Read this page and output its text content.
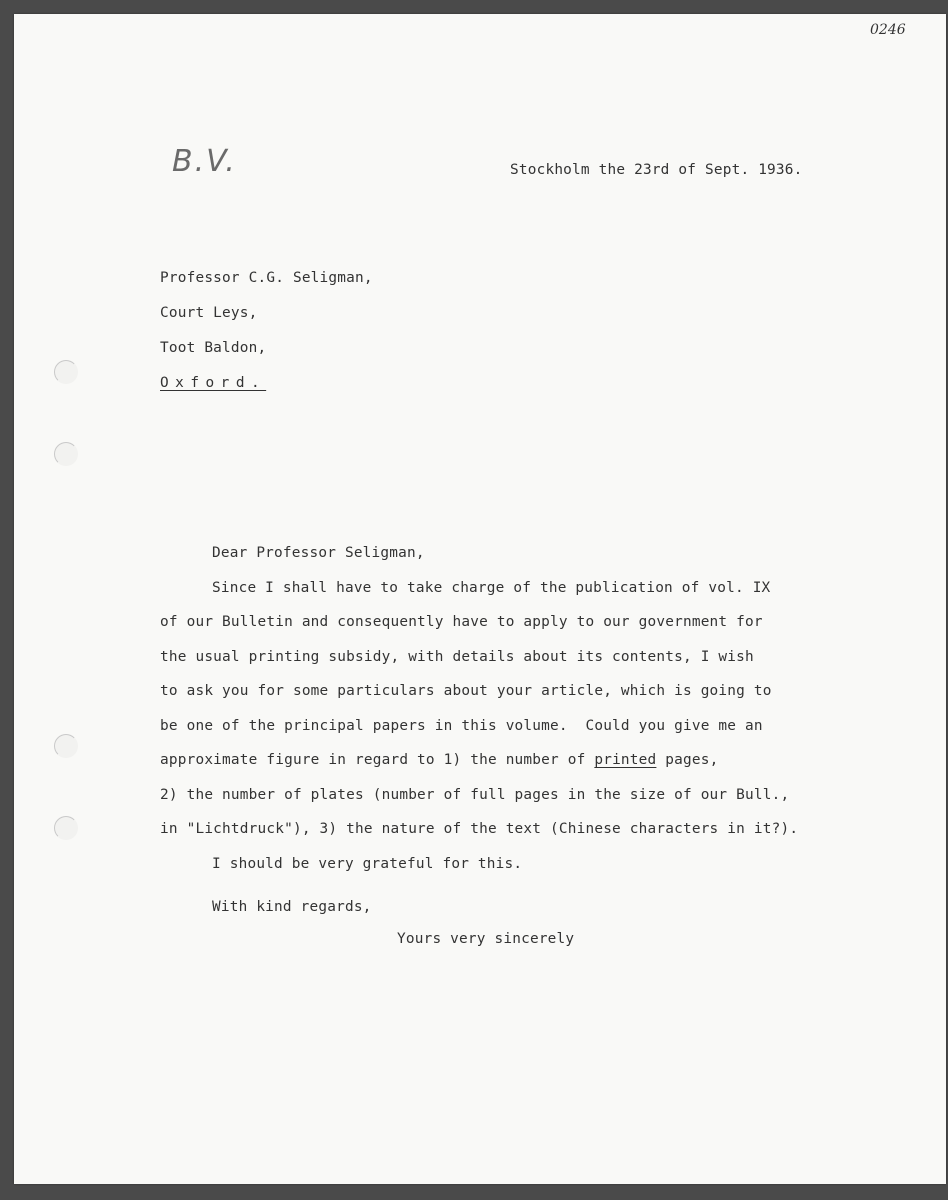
0246
B.V.	Stockholm the 23rd of Sept. 1936.
Professor C.G. Seligman,
Court Leys,
Toot Baldon,
Oxford.
Dear Professor Seligman,
Since I shall have to take charge of the publication of vol. IX
of our Bulletin and consequently have to apply to our government for
the usual printing subsidy, with details about its contents, I wish
to ask you for some particulars about your article, which is going to
be one of the principal papers in this volume.  Could you give me an
approximate figure in regard to 1) the number of printed pages,
2) the number of plates (number of full pages in the size of our Bull.,
in "Lichtdruck"), 3) the nature of the text (Chinese characters in it?).
I should be very grateful for this.
With kind regards,
Yours very sincerely
